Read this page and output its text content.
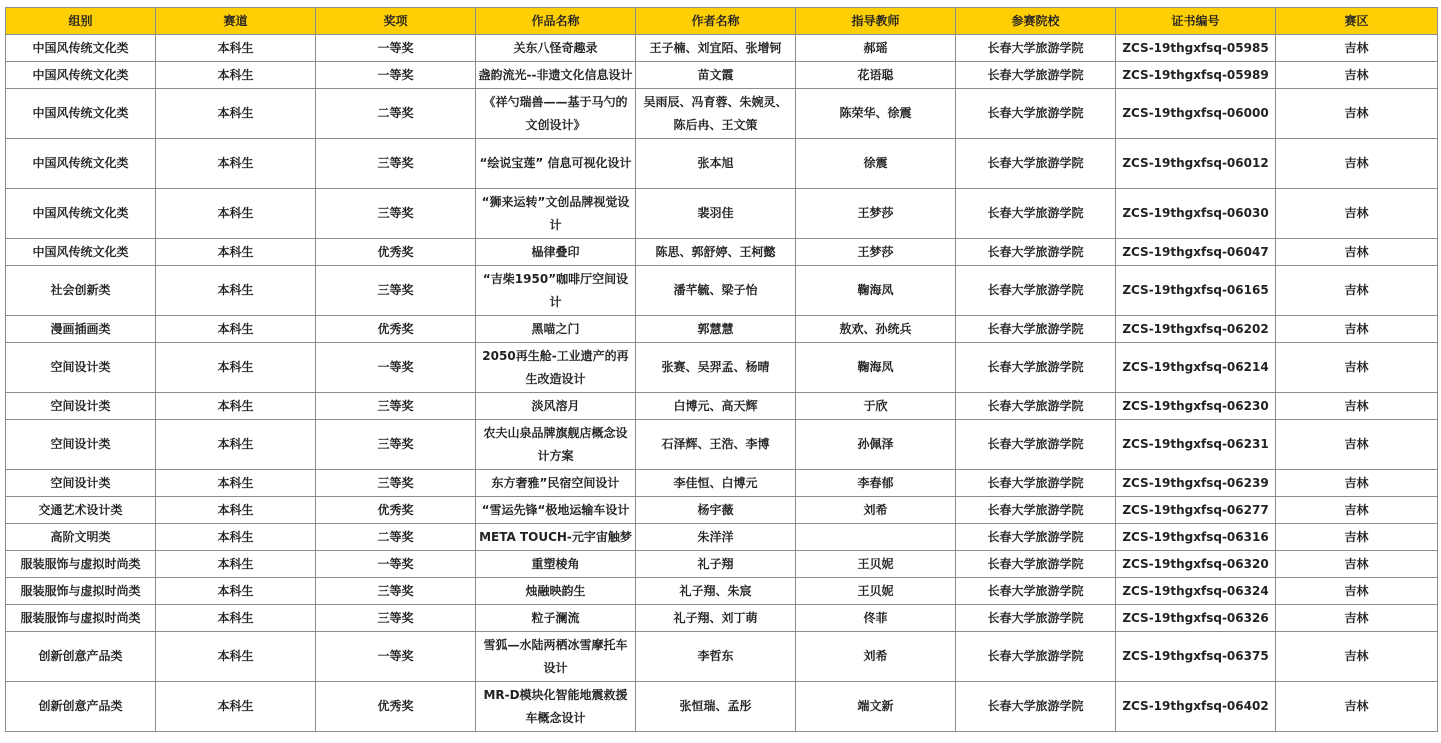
组别	赛道	奖项	作品名称	作者名称	指导教师	参赛院校	证书编号	赛区
中国风传统文化类	本科生	一等奖	关东八怪奇趣录	王子楠、刘宜陌、张增钶	郝瑶	长春大学旅游学院	ZCS-19thgxfsq-05985	吉林
中国风传统文化类	本科生	一等奖	盏韵流光--非遗文化信息设计	苗文霞	花语聪	长春大学旅游学院	ZCS-19thgxfsq-05989	吉林
中国风传统文化类	本科生	二等奖	《祥勺瑞兽——基于马勺的文创设计》	吴雨辰、冯育蓉、朱婉灵、陈后冉、王文策	陈荣华、徐震	长春大学旅游学院	ZCS-19thgxfsq-06000	吉林
中国风传统文化类	本科生	三等奖	“绘说宝莲” 信息可视化设计	张本旭	徐震	长春大学旅游学院	ZCS-19thgxfsq-06012	吉林
中国风传统文化类	本科生	三等奖	“狮来运转”文创品牌视觉设计	裴羽佳	王梦莎	长春大学旅游学院	ZCS-19thgxfsq-06030	吉林
中国风传统文化类	本科生	优秀奖	榀律叠印	陈思、郭舒婷、王柯懿	王梦莎	长春大学旅游学院	ZCS-19thgxfsq-06047	吉林
社会创新类	本科生	三等奖	“吉柴1950”咖啡厅空间设计	潘芊毓、梁子怡	鞠海凤	长春大学旅游学院	ZCS-19thgxfsq-06165	吉林
漫画插画类	本科生	优秀奖	黑喵之门	郭慧慧	敖欢、孙统兵	长春大学旅游学院	ZCS-19thgxfsq-06202	吉林
空间设计类	本科生	一等奖	2050再生舱-工业遗产的再生改造设计	张赛、吴羿孟、杨晴	鞠海凤	长春大学旅游学院	ZCS-19thgxfsq-06214	吉林
空间设计类	本科生	三等奖	淡风溶月	白博元、高天辉	于欣	长春大学旅游学院	ZCS-19thgxfsq-06230	吉林
空间设计类	本科生	三等奖	农夫山泉品牌旗舰店概念设计方案	石泽辉、王浩、李博	孙佩泽	长春大学旅游学院	ZCS-19thgxfsq-06231	吉林
空间设计类	本科生	三等奖	东方奢雅”民宿空间设计	李佳恒、白博元	李春郁	长春大学旅游学院	ZCS-19thgxfsq-06239	吉林
交通艺术设计类	本科生	优秀奖	“雪运先锋“极地运输车设计	杨宇薇	刘希	长春大学旅游学院	ZCS-19thgxfsq-06277	吉林
高阶文明类	本科生	二等奖	META TOUCH-元宇宙触梦	朱洋洋		长春大学旅游学院	ZCS-19thgxfsq-06316	吉林
服装服饰与虚拟时尚类	本科生	一等奖	重塑棱角	礼子翔	王贝妮	长春大学旅游学院	ZCS-19thgxfsq-06320	吉林
服装服饰与虚拟时尚类	本科生	三等奖	烛融映韵生	礼子翔、朱宸	王贝妮	长春大学旅游学院	ZCS-19thgxfsq-06324	吉林
服装服饰与虚拟时尚类	本科生	三等奖	粒子澜流	礼子翔、刘丁萌	佟菲	长春大学旅游学院	ZCS-19thgxfsq-06326	吉林
创新创意产品类	本科生	一等奖	雪狐—水陆两栖冰雪摩托车设计	李哲东	刘希	长春大学旅游学院	ZCS-19thgxfsq-06375	吉林
创新创意产品类	本科生	优秀奖	MR-D模块化智能地震救援车概念设计	张恒瑞、孟彤	端文新	长春大学旅游学院	ZCS-19thgxfsq-06402	吉林
